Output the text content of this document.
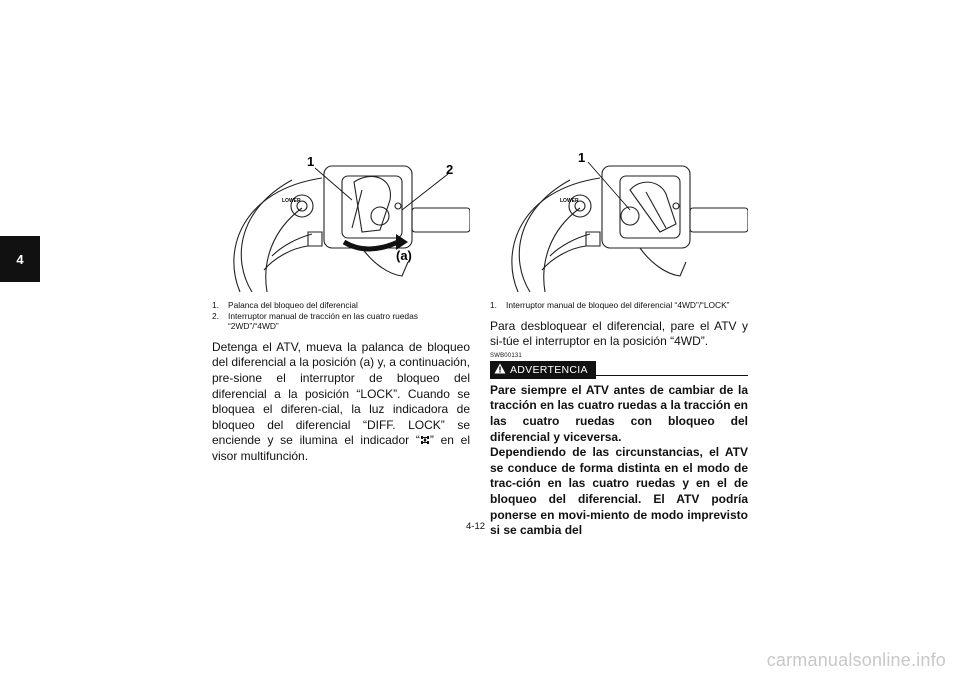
4
1
2
(a)
LOWER
1
LOWER
1.	Palanca del bloqueo del diferencial
2.	Interruptor manual de tracción en las cuatro ruedas “2WD”/“4WD”

Detenga el ATV, mueva la palanca de bloqueo del diferencial a la posición (a) y, a continuación, pre-sione el interruptor de bloqueo del diferencial a la posición “LOCK”. Cuando se bloquea el diferen-cial, la luz indicadora de bloqueo del diferencial “DIFF. LOCK” se enciende y se ilumina el indicador “ ” en el visor multifunción.

1.	Interruptor manual de bloqueo del diferencial “4WD”/“LOCK”

Para desbloquear el diferencial, pare el ATV y si-túe el interruptor en la posición “4WD”.

SWB00131
ADVERTENCIA

Pare siempre el ATV antes de cambiar de la tracción en las cuatro ruedas a la tracción en las cuatro ruedas con bloqueo del diferencial y viceversa.

Dependiendo de las circunstancias, el ATV se conduce de forma distinta en el modo de trac-ción en las cuatro ruedas y en el de bloqueo del diferencial. El ATV podría ponerse en movi-miento de modo imprevisto si se cambia del

4-12
carmanualsonline.info
